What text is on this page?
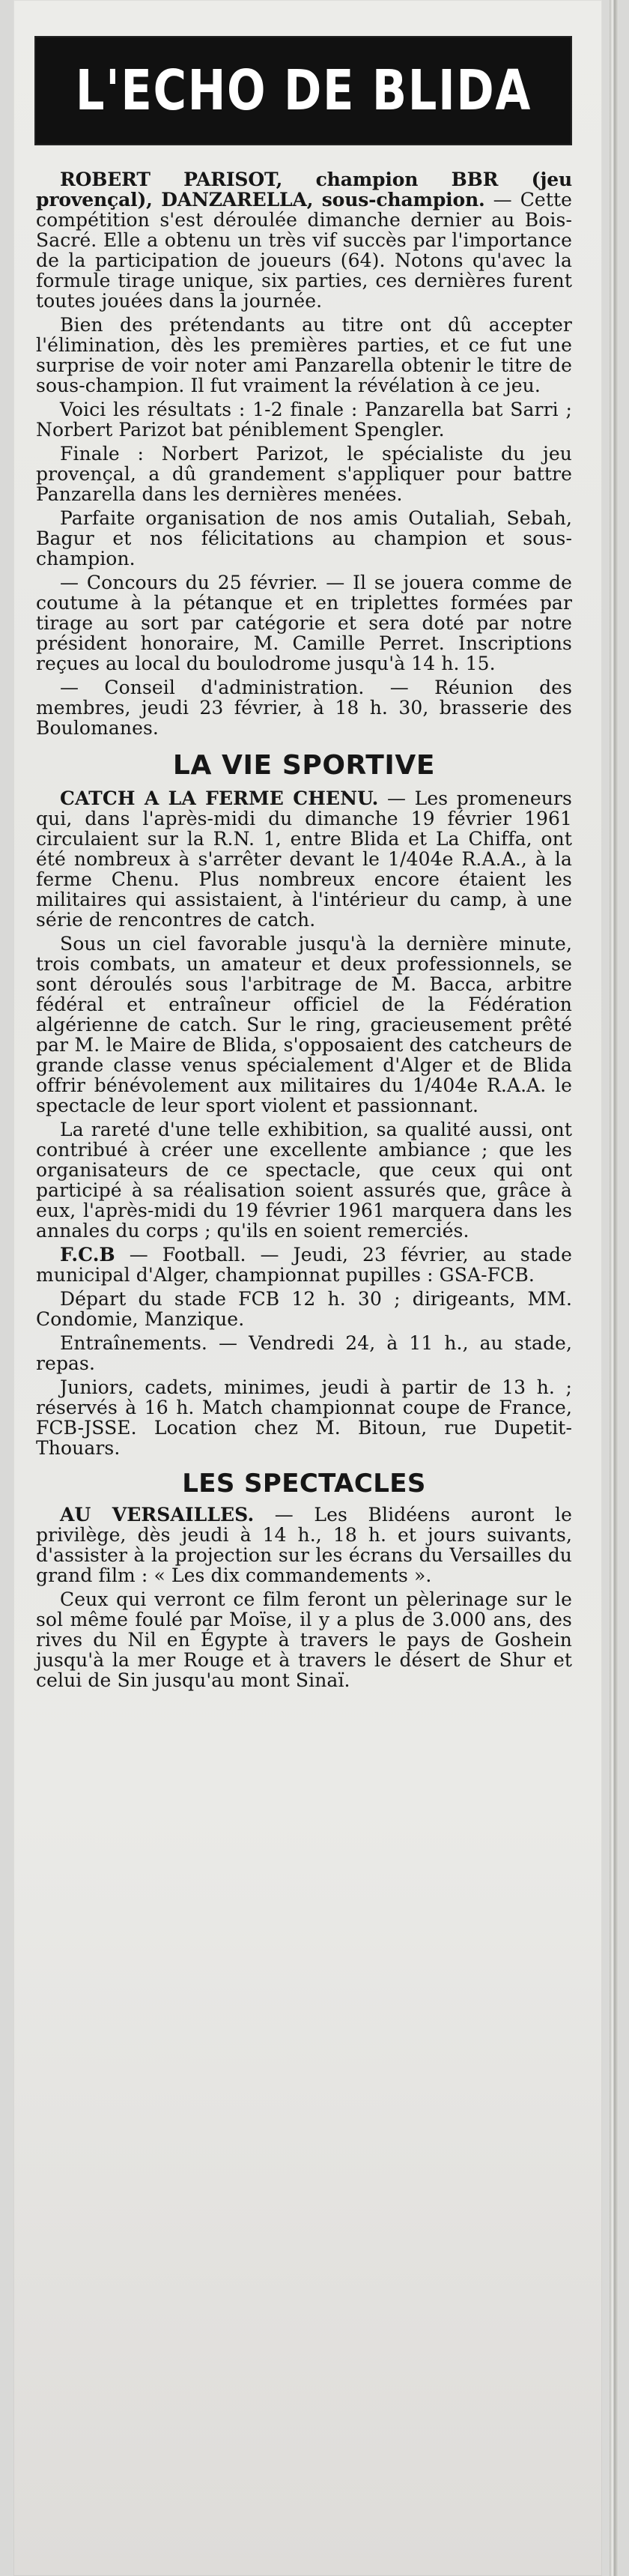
L'ECHO DE BLIDA

ROBERT PARISOT, champion BBR (jeu provençal), DANZARELLA, sous-champion. — Cette compétition s'est déroulée dimanche dernier au Bois-Sacré. Elle a obtenu un très vif succès par l'importance de la participation de joueurs (64). Notons qu'avec la formule tirage unique, six parties, ces dernières furent toutes jouées dans la journée.

Bien des prétendants au titre ont dû accepter l'élimination, dès les premières parties, et ce fut une surprise de voir noter ami Panzarella obtenir le titre de sous-champion. Il fut vraiment la révélation à ce jeu.

Voici les résultats : 1-2 finale : Panzarella bat Sarri ; Norbert Parizot bat péniblement Spengler.

Finale : Norbert Parizot, le spécialiste du jeu provençal, a dû grandement s'appliquer pour battre Panzarella dans les dernières menées.

Parfaite organisation de nos amis Outaliah, Sebah, Bagur et nos félicitations au champion et sous-champion.

— Concours du 25 février. — Il se jouera comme de coutume à la pétanque et en triplettes formées par tirage au sort par catégorie et sera doté par notre président honoraire, M. Camille Perret. Inscriptions reçues au local du boulodrome jusqu'à 14 h. 15.

— Conseil d'administration. — Réunion des membres, jeudi 23 février, à 18 h. 30, brasserie des Boulomanes.

LA VIE SPORTIVE

CATCH A LA FERME CHENU. — Les promeneurs qui, dans l'après-midi du dimanche 19 février 1961 circulaient sur la R.N. 1, entre Blida et La Chiffa, ont été nombreux à s'arrêter devant le 1/404e R.A.A., à la ferme Chenu. Plus nombreux encore étaient les militaires qui assistaient, à l'intérieur du camp, à une série de rencontres de catch.

Sous un ciel favorable jusqu'à la dernière minute, trois combats, un amateur et deux professionnels, se sont déroulés sous l'arbitrage de M. Bacca, arbitre fédéral et entraîneur officiel de la Fédération algérienne de catch. Sur le ring, gracieusement prêté par M. le Maire de Blida, s'opposaient des catcheurs de grande classe venus spécialement d'Alger et de Blida offrir bénévolement aux militaires du 1/404e R.A.A. le spectacle de leur sport violent et passionnant.

La rareté d'une telle exhibition, sa qualité aussi, ont contribué à créer une excellente ambiance ; que les organisateurs de ce spectacle, que ceux qui ont participé à sa réalisation soient assurés que, grâce à eux, l'après-midi du 19 février 1961 marquera dans les annales du corps ; qu'ils en soient remerciés.

F.C.B — Football. — Jeudi, 23 février, au stade municipal d'Alger, championnat pupilles : GSA-FCB.

Départ du stade FCB 12 h. 30 ; dirigeants, MM. Condomie, Manzique.

Entraînements. — Vendredi 24, à 11 h., au stade, repas.

Juniors, cadets, minimes, jeudi à partir de 13 h. ; réservés à 16 h. Match championnat coupe de France, FCB-JSSE. Location chez M. Bitoun, rue Dupetit-Thouars.

LES SPECTACLES

AU VERSAILLES. — Les Blidéens auront le privilège, dès jeudi à 14 h., 18 h. et jours suivants, d'assister à la projection sur les écrans du Versailles du grand film : « Les dix commandements ».

Ceux qui verront ce film feront un pèlerinage sur le sol même foulé par Moïse, il y a plus de 3.000 ans, des rives du Nil en Égypte à travers le pays de Goshein jusqu'à la mer Rouge et à travers le désert de Shur et celui de Sin jusqu'au mont Sinaï.
